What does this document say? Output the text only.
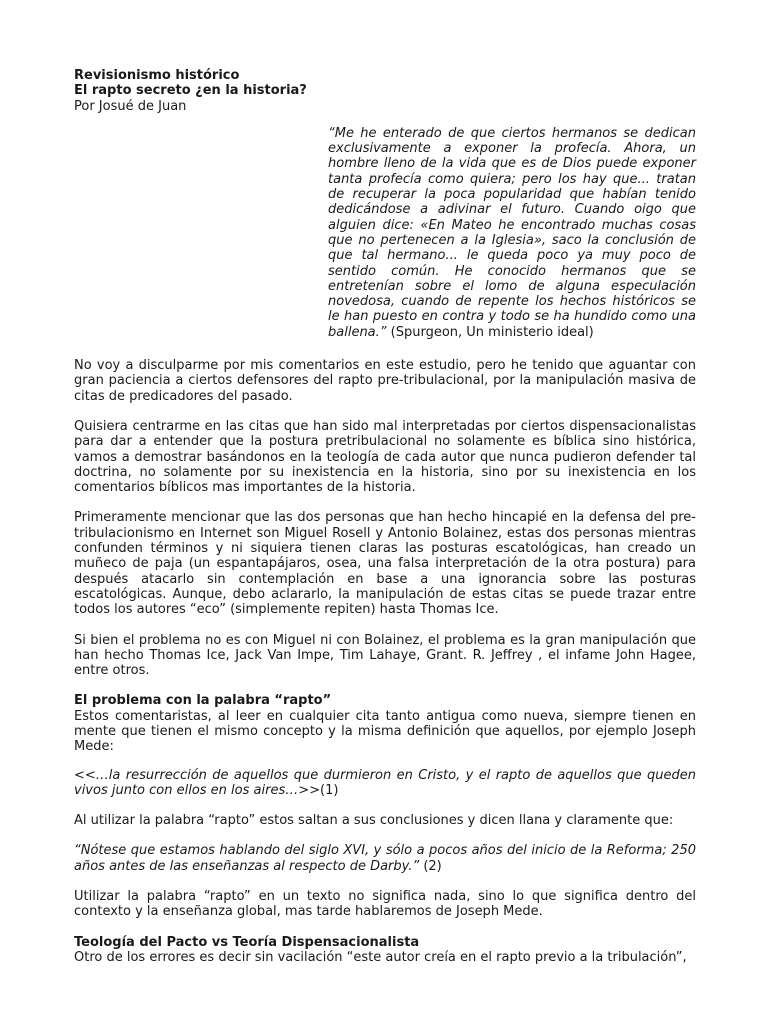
Revisionismo histórico

El rapto secreto ¿en la historia?

Por Josué de Juan

“Me he enterado de que ciertos hermanos se dedican exclusivamente a exponer la profecía. Ahora, un hombre lleno de la vida que es de Dios puede exponer tanta profecía como quiera; pero los hay que... tratan de recuperar la poca popularidad que habían tenido dedicándose a adivinar el futuro. Cuando oigo que alguien dice: «En Mateo he encontrado muchas cosas que no pertenecen a la Iglesia», saco la conclusión de que tal hermano... le queda poco ya muy poco de sentido común. He conocido hermanos que se entretenían sobre el lomo de alguna especulación novedosa, cuando de repente los hechos históricos se le han puesto en contra y todo se ha hundido como una ballena.” (Spurgeon, Un ministerio ideal)

No voy a disculparme por mis comentarios en este estudio, pero he tenido que aguantar con gran paciencia a ciertos defensores del rapto pre-tribulacional, por la manipulación masiva de citas de predicadores del pasado.

Quisiera centrarme en las citas que han sido mal interpretadas por ciertos dispensacionalistas para dar a entender que la postura pretribulacional no solamente es bíblica sino histórica, vamos a demostrar basándonos en la teología de cada autor que nunca pudieron defender tal doctrina, no solamente por su inexistencia en la historia, sino por su inexistencia en los comentarios bíblicos mas importantes de la historia.

Primeramente mencionar que las dos personas que han hecho hincapié en la defensa del pre-tribulacionismo en Internet son Miguel Rosell y Antonio Bolainez, estas dos personas mientras confunden términos y ni siquiera tienen claras las posturas escatológicas, han creado un muñeco de paja (un espantapájaros, osea, una falsa interpretación de la otra postura) para después atacarlo sin contemplación en base a una ignorancia sobre las posturas escatológicas. Aunque, debo aclararlo, la manipulación de estas citas se puede trazar entre todos los autores “eco” (simplemente repiten) hasta Thomas Ice.

Si bien el problema no es con Miguel ni con Bolainez, el problema es la gran manipulación que han hecho Thomas Ice, Jack Van Impe, Tim Lahaye, Grant. R. Jeffrey , el infame John Hagee, entre otros.

El problema con la palabra “rapto”

Estos comentaristas, al leer en cualquier cita tanto antigua como nueva, siempre tienen en mente que tienen el mismo concepto y la misma definición que aquellos, por ejemplo Joseph Mede:

<<…la resurrección de aquellos que durmieron en Cristo, y el rapto de aquellos que queden vivos junto con ellos en los aires…>>(1)

Al utilizar la palabra “rapto” estos saltan a sus conclusiones y dicen llana y claramente que:

“Nótese que estamos hablando del siglo XVI, y sólo a pocos años del inicio de la Reforma; 250 años antes de las enseñanzas al respecto de Darby.” (2)

Utilizar la palabra “rapto” en un texto no significa nada, sino lo que significa dentro del contexto y la enseñanza global, mas tarde hablaremos de Joseph Mede.

Teología del Pacto vs Teoría Dispensacionalista

Otro de los errores es decir sin vacilación “este autor creía en el rapto previo a la tribulación”,
